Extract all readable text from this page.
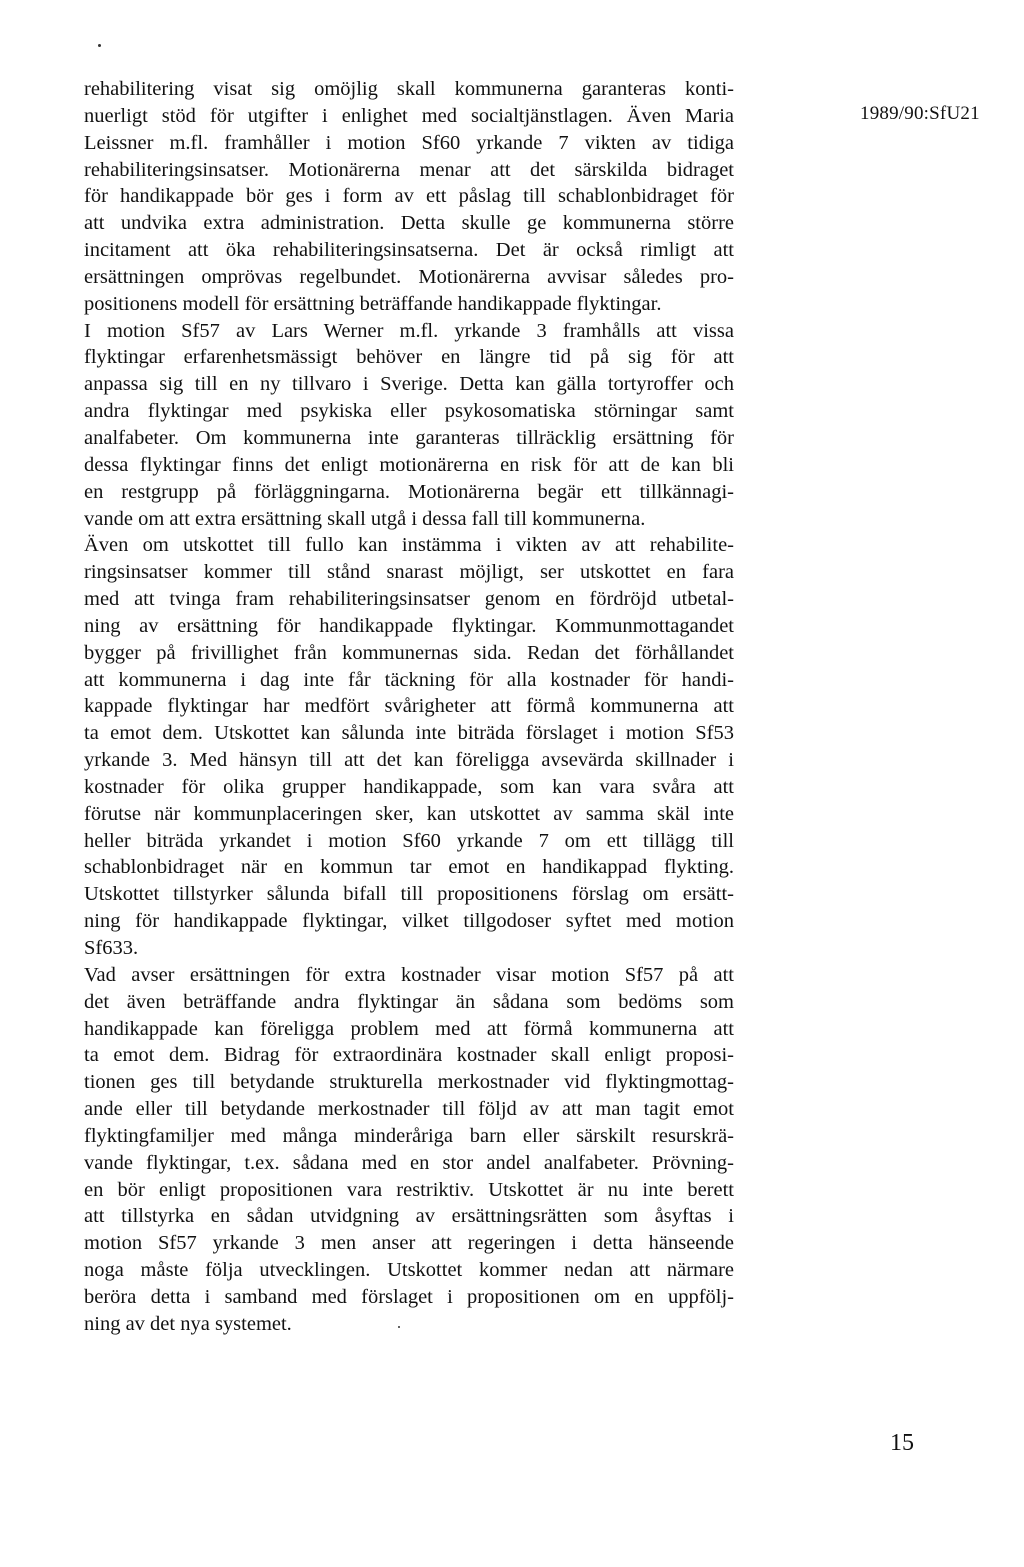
1989/90:SfU21
rehabilitering visat sig omöjlig skall kommunerna garanteras konti-
nuerligt stöd för utgifter i enlighet med socialtjänstlagen. Även Maria
Leissner m.fl. framhåller i motion Sf60 yrkande 7 vikten av tidiga
rehabiliteringsinsatser. Motionärerna menar att det särskilda bidraget
för handikappade bör ges i form av ett påslag till schablonbidraget för
att undvika extra administration. Detta skulle ge kommunerna större
incitament att öka rehabiliteringsinsatserna. Det är också rimligt att
ersättningen omprövas regelbundet. Motionärerna avvisar således pro-
positionens modell för ersättning beträffande handikappade flyktingar.
I motion Sf57 av Lars Werner m.fl. yrkande 3 framhålls att vissa
flyktingar erfarenhetsmässigt behöver en längre tid på sig för att
anpassa sig till en ny tillvaro i Sverige. Detta kan gälla tortyroffer och
andra flyktingar med psykiska eller psykosomatiska störningar samt
analfabeter. Om kommunerna inte garanteras tillräcklig ersättning för
dessa flyktingar finns det enligt motionärerna en risk för att de kan bli
en restgrupp på förläggningarna. Motionärerna begär ett tillkännagi-
vande om att extra ersättning skall utgå i dessa fall till kommunerna.
Även om utskottet till fullo kan instämma i vikten av att rehabilite-
ringsinsatser kommer till stånd snarast möjligt, ser utskottet en fara
med att tvinga fram rehabiliteringsinsatser genom en fördröjd utbetal-
ning av ersättning för handikappade flyktingar. Kommunmottagandet
bygger på frivillighet från kommunernas sida. Redan det förhållandet
att kommunerna i dag inte får täckning för alla kostnader för handi-
kappade flyktingar har medfört svårigheter att förmå kommunerna att
ta emot dem. Utskottet kan sålunda inte biträda förslaget i motion Sf53
yrkande 3. Med hänsyn till att det kan föreligga avsevärda skillnader i
kostnader för olika grupper handikappade, som kan vara svåra att
förutse när kommunplaceringen sker, kan utskottet av samma skäl inte
heller biträda yrkandet i motion Sf60 yrkande 7 om ett tillägg till
schablonbidraget när en kommun tar emot en handikappad flykting.
Utskottet tillstyrker sålunda bifall till propositionens förslag om ersätt-
ning för handikappade flyktingar, vilket tillgodoser syftet med motion
Sf633.
Vad avser ersättningen för extra kostnader visar motion Sf57 på att
det även beträffande andra flyktingar än sådana som bedöms som
handikappade kan föreligga problem med att förmå kommunerna att
ta emot dem. Bidrag för extraordinära kostnader skall enligt proposi-
tionen ges till betydande strukturella merkostnader vid flyktingmottag-
ande eller till betydande merkostnader till följd av att man tagit emot
flyktingfamiljer med många minderåriga barn eller särskilt resurskrä-
vande flyktingar, t.ex. sådana med en stor andel analfabeter. Prövning-
en bör enligt propositionen vara restriktiv. Utskottet är nu inte berett
att tillstyrka en sådan utvidgning av ersättningsrätten som åsyftas i
motion Sf57 yrkande 3 men anser att regeringen i detta hänseende
noga måste följa utvecklingen. Utskottet kommer nedan att närmare
beröra detta i samband med förslaget i propositionen om en uppfölj-
ning av det nya systemet.
15
